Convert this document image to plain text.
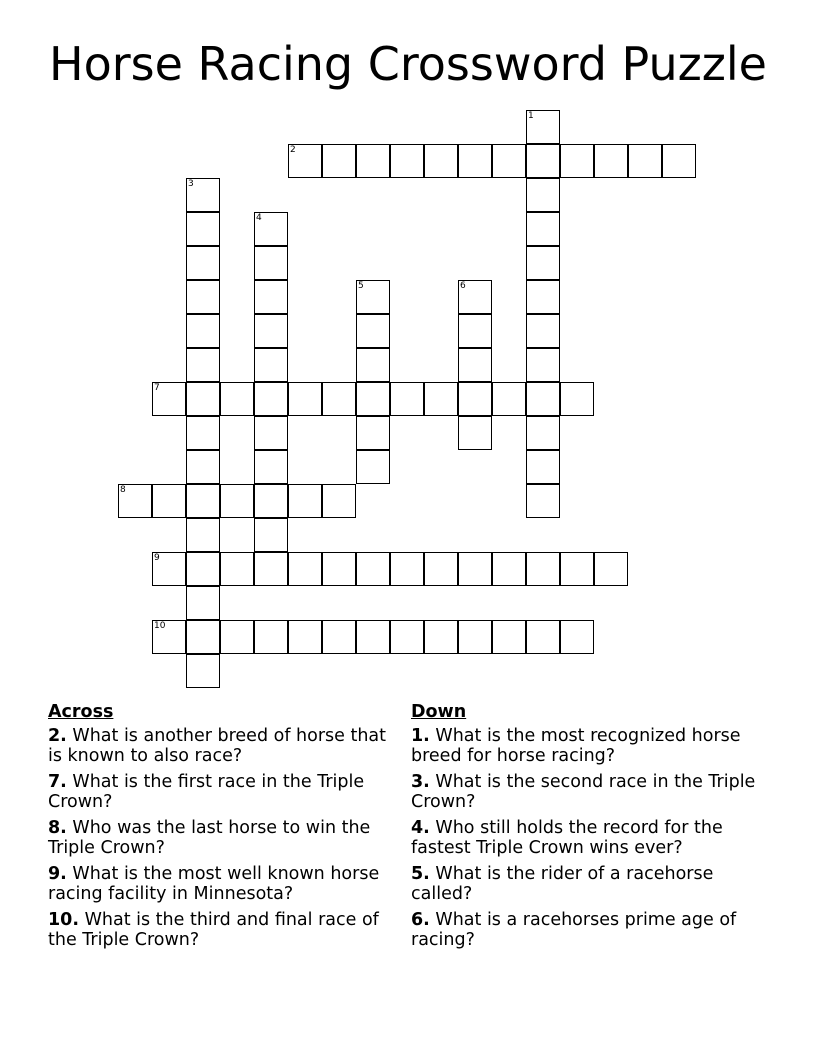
Horse Racing Crossword Puzzle
2
7
8
9
10
1
3
4
5	6
Across
2. What is another breed of horse that is known to also race?
7. What is the first race in the Triple Crown?
8. Who was the last horse to win the Triple Crown?
9. What is the most well known horse racing facility in Minnesota?
10. What is the third and final race of the Triple Crown?
Down
1. What is the most recognized horse breed for horse racing?
3. What is the second race in the Triple Crown?
4. Who still holds the record for the fastest Triple Crown wins ever?
5. What is the rider of a racehorse called?
6. What is a racehorses prime age of racing?
